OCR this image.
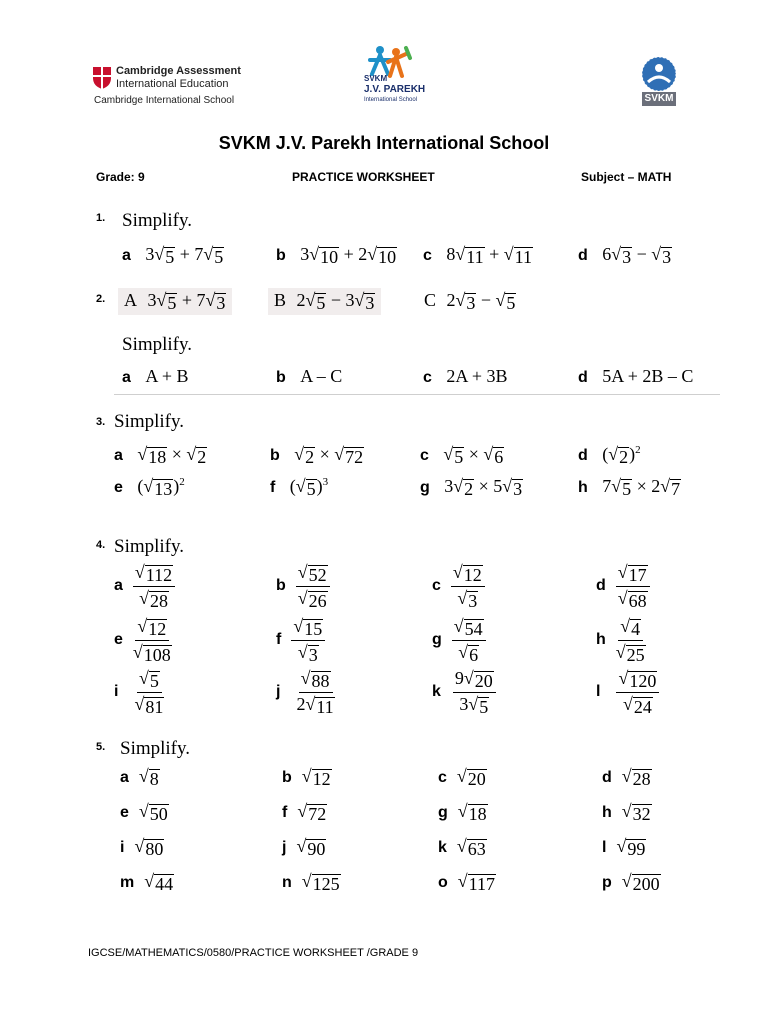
Cambridge Assessment
International Education
Cambridge International School
SVKM
J.V. PAREKH
International School	SVKM
SVKM J.V. Parekh International School
Grade: 9	PRACTICE WORKSHEET	Subject – MATH
1. Simplify.
a 3 √ 5 + 7 √ 5	b 3 √ 10 + 2 √ 10 c 8 √ 11 + √ 11	d 6 √ 3 − √ 3
2.	A 3 √ 5 + 7 √ 3	B 2 √ 5 − 3 √ 3	C 2 √ 3 − √ 5
Simplify.
a A + B	b A – C	c 2A + 3B	d 5A + 2B – C
3. Simplify.
a √ 18 × √ 2	b √ 2 × √ 72	c √ 5 × √ 6	d ( √ 2 )$^2$
e ( √ 13 )$^2$	f ( √ 5 )$^3$	g 3 √ 2 × 5 √ 3	h 7 √ 5 × 2 √ 7
4. Simplify.
a $\frac{√ 112}{√ 28}$	b $\frac{√ 52}{√ 26}$	c $\frac{√ 12}{√ 3}$	d $\frac{√ 17}{√ 68}$
e $\frac{√ 12}{√ 108}$	f $\frac{√ 15}{√ 3}$	g $\frac{√ 54}{√ 6}$	h $\frac{√ 4}{√ 25}$
i $\frac{√ 5}{√ 81}$	j $\frac{√ 88}{2 √ 11}$	k $\frac{9 √ 20}{3 √ 5}$	l $\frac{√ 120}{√ 24}$
5. Simplify.
a √ 8	b √ 12	c √ 20	d √ 28
e √ 50	f √ 72	g √ 18	h √ 32
i √ 80	j √ 90	k √ 63	l √ 99
m √ 44	n √ 125	o √ 117	p √ 200
IGCSE/MATHEMATICS/0580/PRACTICE WORKSHEET /GRADE 9
